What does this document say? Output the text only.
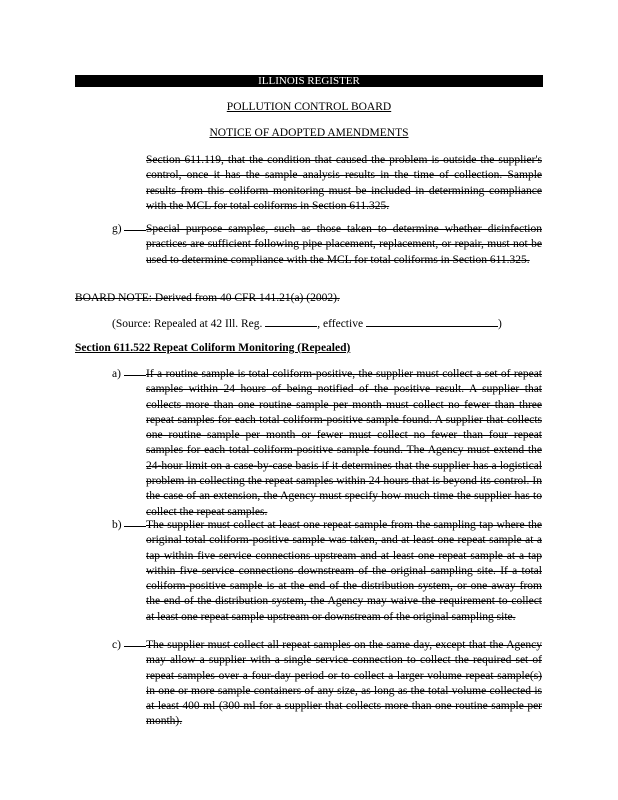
ILLINOIS REGISTER
POLLUTION CONTROL BOARD
NOTICE OF ADOPTED AMENDMENTS
Section 611.119, that the condition that caused the problem is outside the supplier's control, once it has the sample analysis results in the time of collection. Sample results from this coliform monitoring must be included in determining compliance with the MCL for total coliforms in Section 611.325.
g) Special purpose samples, such as those taken to determine whether disinfection practices are sufficient following pipe placement, replacement, or repair, must not be used to determine compliance with the MCL for total coliforms in Section 611.325.
BOARD NOTE: Derived from 40 CFR 141.21(a) (2002).
(Source: Repealed at 42 Ill. Reg.	, effective	)
Section 611.522 Repeat Coliform Monitoring (Repealed)
a) If a routine sample is total coliform-positive, the supplier must collect a set of repeat samples within 24 hours of being notified of the positive result. A supplier that collects more than one routine sample per month must collect no fewer than three repeat samples for each total coliform-positive sample found. A supplier that collects one routine sample per month or fewer must collect no fewer than four repeat samples for each total coliform-positive sample found. The Agency must extend the 24-hour limit on a case-by-case basis if it determines that the supplier has a logistical problem in collecting the repeat samples within 24 hours that is beyond its control. In the case of an extension, the Agency must specify how much time the supplier has to collect the repeat samples.
b) The supplier must collect at least one repeat sample from the sampling tap where the original total coliform-positive sample was taken, and at least one repeat sample at a tap within five service connections upstream and at least one repeat sample at a tap within five service connections downstream of the original sampling site. If a total coliform-positive sample is at the end of the distribution system, or one away from the end of the distribution system, the Agency may waive the requirement to collect at least one repeat sample upstream or downstream of the original sampling site.
c) The supplier must collect all repeat samples on the same day, except that the Agency may allow a supplier with a single service connection to collect the required set of repeat samples over a four-day period or to collect a larger volume repeat sample(s) in one or more sample containers of any size, as long as the total volume collected is at least 400 ml (300 ml for a supplier that collects more than one routine sample per month).
